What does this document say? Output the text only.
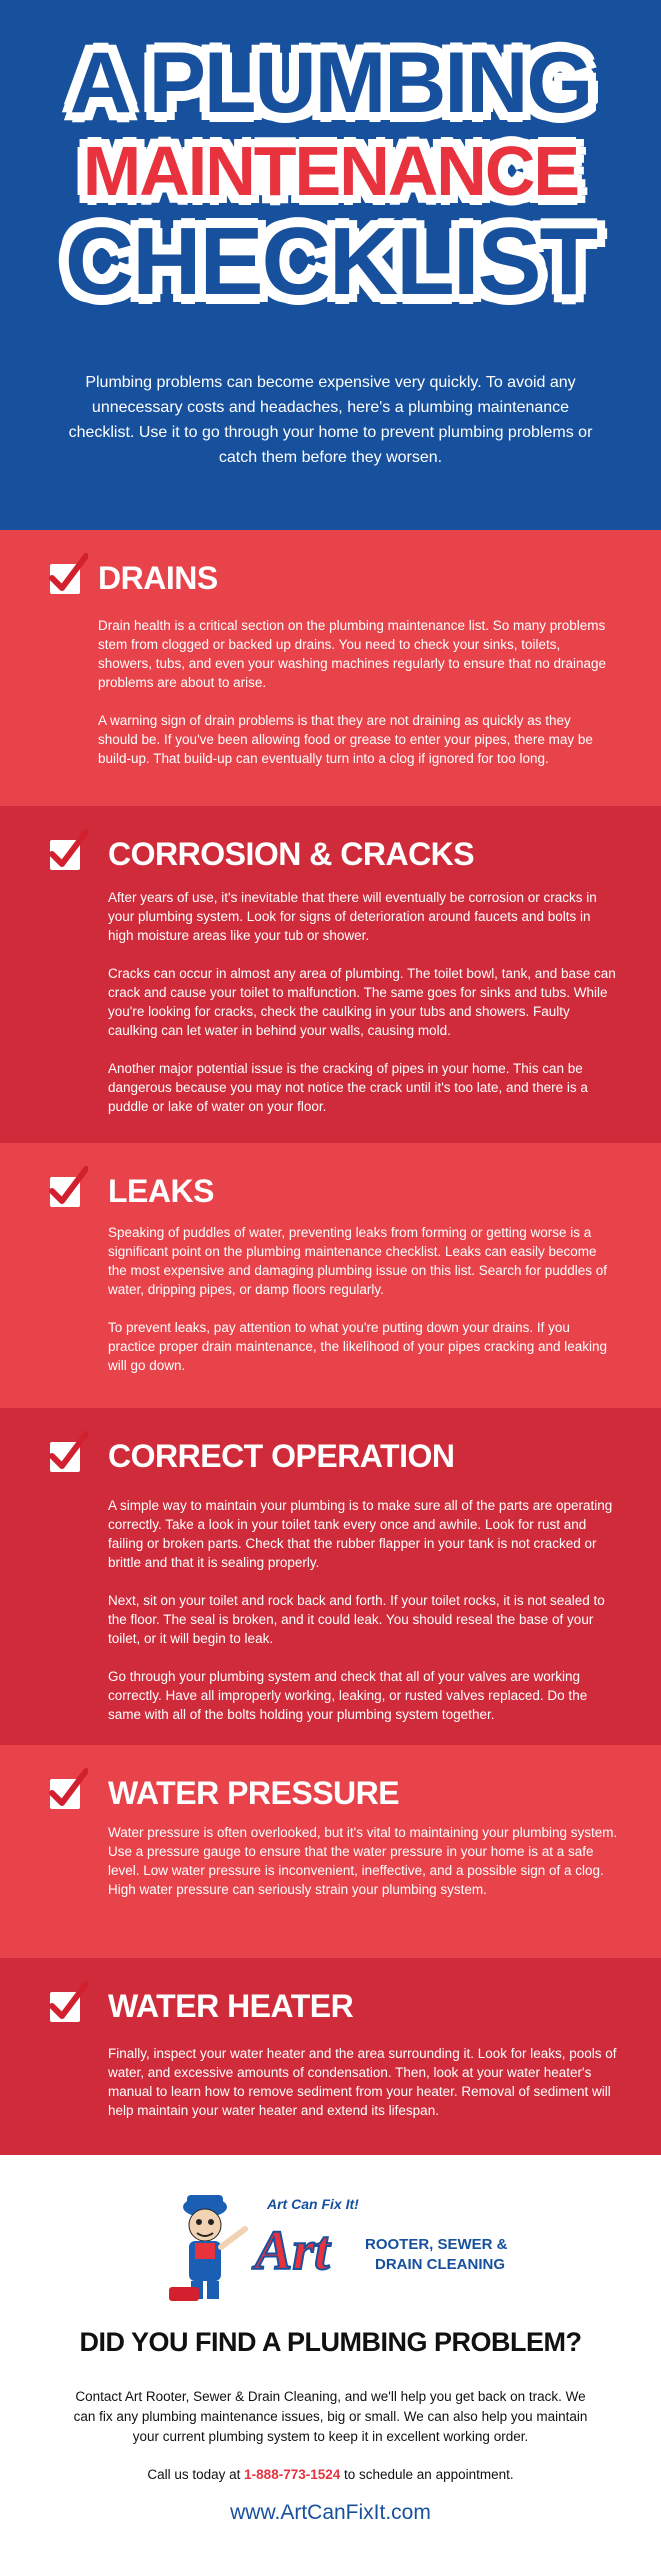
A PLUMBING
MAINTENANCE
CHECKLIST
Plumbing problems can become expensive very quickly. To avoid any unnecessary costs and headaches, here's a plumbing maintenance checklist. Use it to go through your home to prevent plumbing problems or catch them before they worsen.
DRAINS

Drain health is a critical section on the plumbing maintenance list. So many problems stem from clogged or backed up drains. You need to check your sinks, toilets, showers, tubs, and even your washing machines regularly to ensure that no drainage problems are about to arise.

A warning sign of drain problems is that they are not draining as quickly as they should be. If you've been allowing food or grease to enter your pipes, there may be build-up. That build-up can eventually turn into a clog if ignored for too long.

CORROSION & CRACKS

After years of use, it's inevitable that there will eventually be corrosion or cracks in your plumbing system. Look for signs of deterioration around faucets and bolts in high moisture areas like your tub or shower.

Cracks can occur in almost any area of plumbing. The toilet bowl, tank, and base can crack and cause your toilet to malfunction. The same goes for sinks and tubs. While you're looking for cracks, check the caulking in your tubs and showers. Faulty caulking can let water in behind your walls, causing mold.

Another major potential issue is the cracking of pipes in your home. This can be dangerous because you may not notice the crack until it's too late, and there is a puddle or lake of water on your floor.

LEAKS

Speaking of puddles of water, preventing leaks from forming or getting worse is a significant point on the plumbing maintenance checklist. Leaks can easily become the most expensive and damaging plumbing issue on this list. Search for puddles of water, dripping pipes, or damp floors regularly.

To prevent leaks, pay attention to what you're putting down your drains. If you practice proper drain maintenance, the likelihood of your pipes cracking and leaking will go down.

CORRECT OPERATION

A simple way to maintain your plumbing is to make sure all of the parts are operating correctly. Take a look in your toilet tank every once and awhile. Look for rust and failing or broken parts. Check that the rubber flapper in your tank is not cracked or brittle and that it is sealing properly.

Next, sit on your toilet and rock back and forth. If your toilet rocks, it is not sealed to the floor. The seal is broken, and it could leak. You should reseal the base of your toilet, or it will begin to leak.

Go through your plumbing system and check that all of your valves are working correctly. Have all improperly working, leaking, or rusted valves replaced. Do the same with all of the bolts holding your plumbing system together.

WATER PRESSURE

Water pressure is often overlooked, but it's vital to maintaining your plumbing system. Use a pressure gauge to ensure that the water pressure in your home is at a safe level. Low water pressure is inconvenient, ineffective, and a possible sign of a clog. High water pressure can seriously strain your plumbing system.

WATER HEATER

Finally, inspect your water heater and the area surrounding it. Look for leaks, pools of water, and excessive amounts of condensation. Then, look at your water heater's manual to learn how to remove sediment from your heater. Removal of sediment will help maintain your water heater and extend its lifespan.

Art Can Fix It!
Art ROOTER, SEWER &
DRAIN CLEANING
DID YOU FIND A PLUMBING PROBLEM?
Contact Art Rooter, Sewer & Drain Cleaning, and we'll help you get back on track. We can fix any plumbing maintenance issues, big or small. We can also help you maintain your current plumbing system to keep it in excellent working order.
Call us today at 1-888-773-1524 to schedule an appointment.
www.ArtCanFixIt.com
